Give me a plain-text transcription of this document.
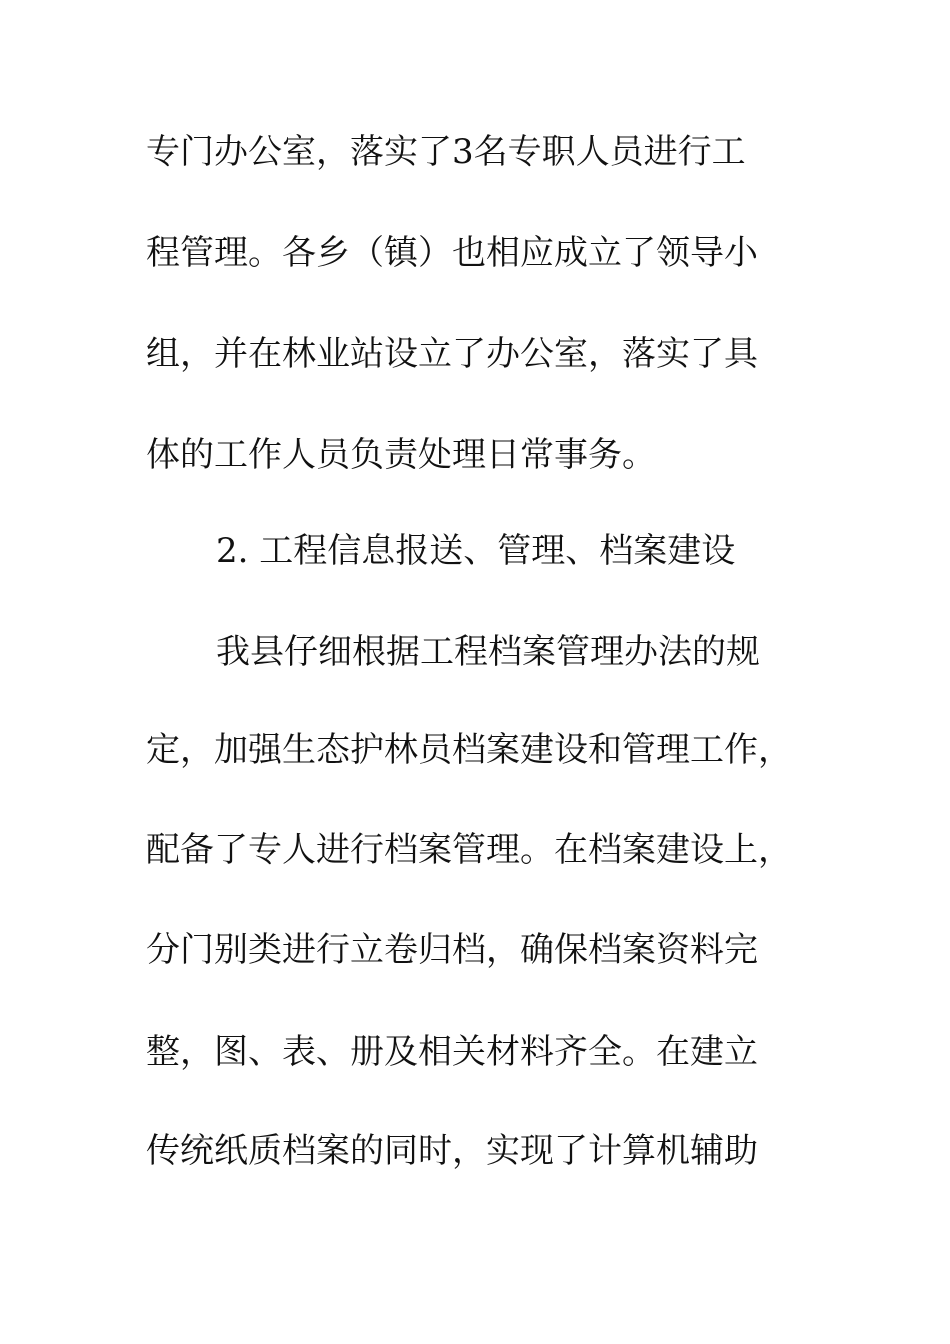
专门办公室，落实了3名专职人员进行工
程管理。各乡（镇）也相应成立了领导小
组，并在林业站设立了办公室，落实了具
体的工作人员负责处理日常事务。
2. 工程信息报送、管理、档案建设
我县仔细根据工程档案管理办法的规
定，加强生态护林员档案建设和管理工作，
配备了专人进行档案管理。在档案建设上，
分门别类进行立卷归档，确保档案资料完
整，图、表、册及相关材料齐全。在建立
传统纸质档案的同时，实现了计算机辅助
